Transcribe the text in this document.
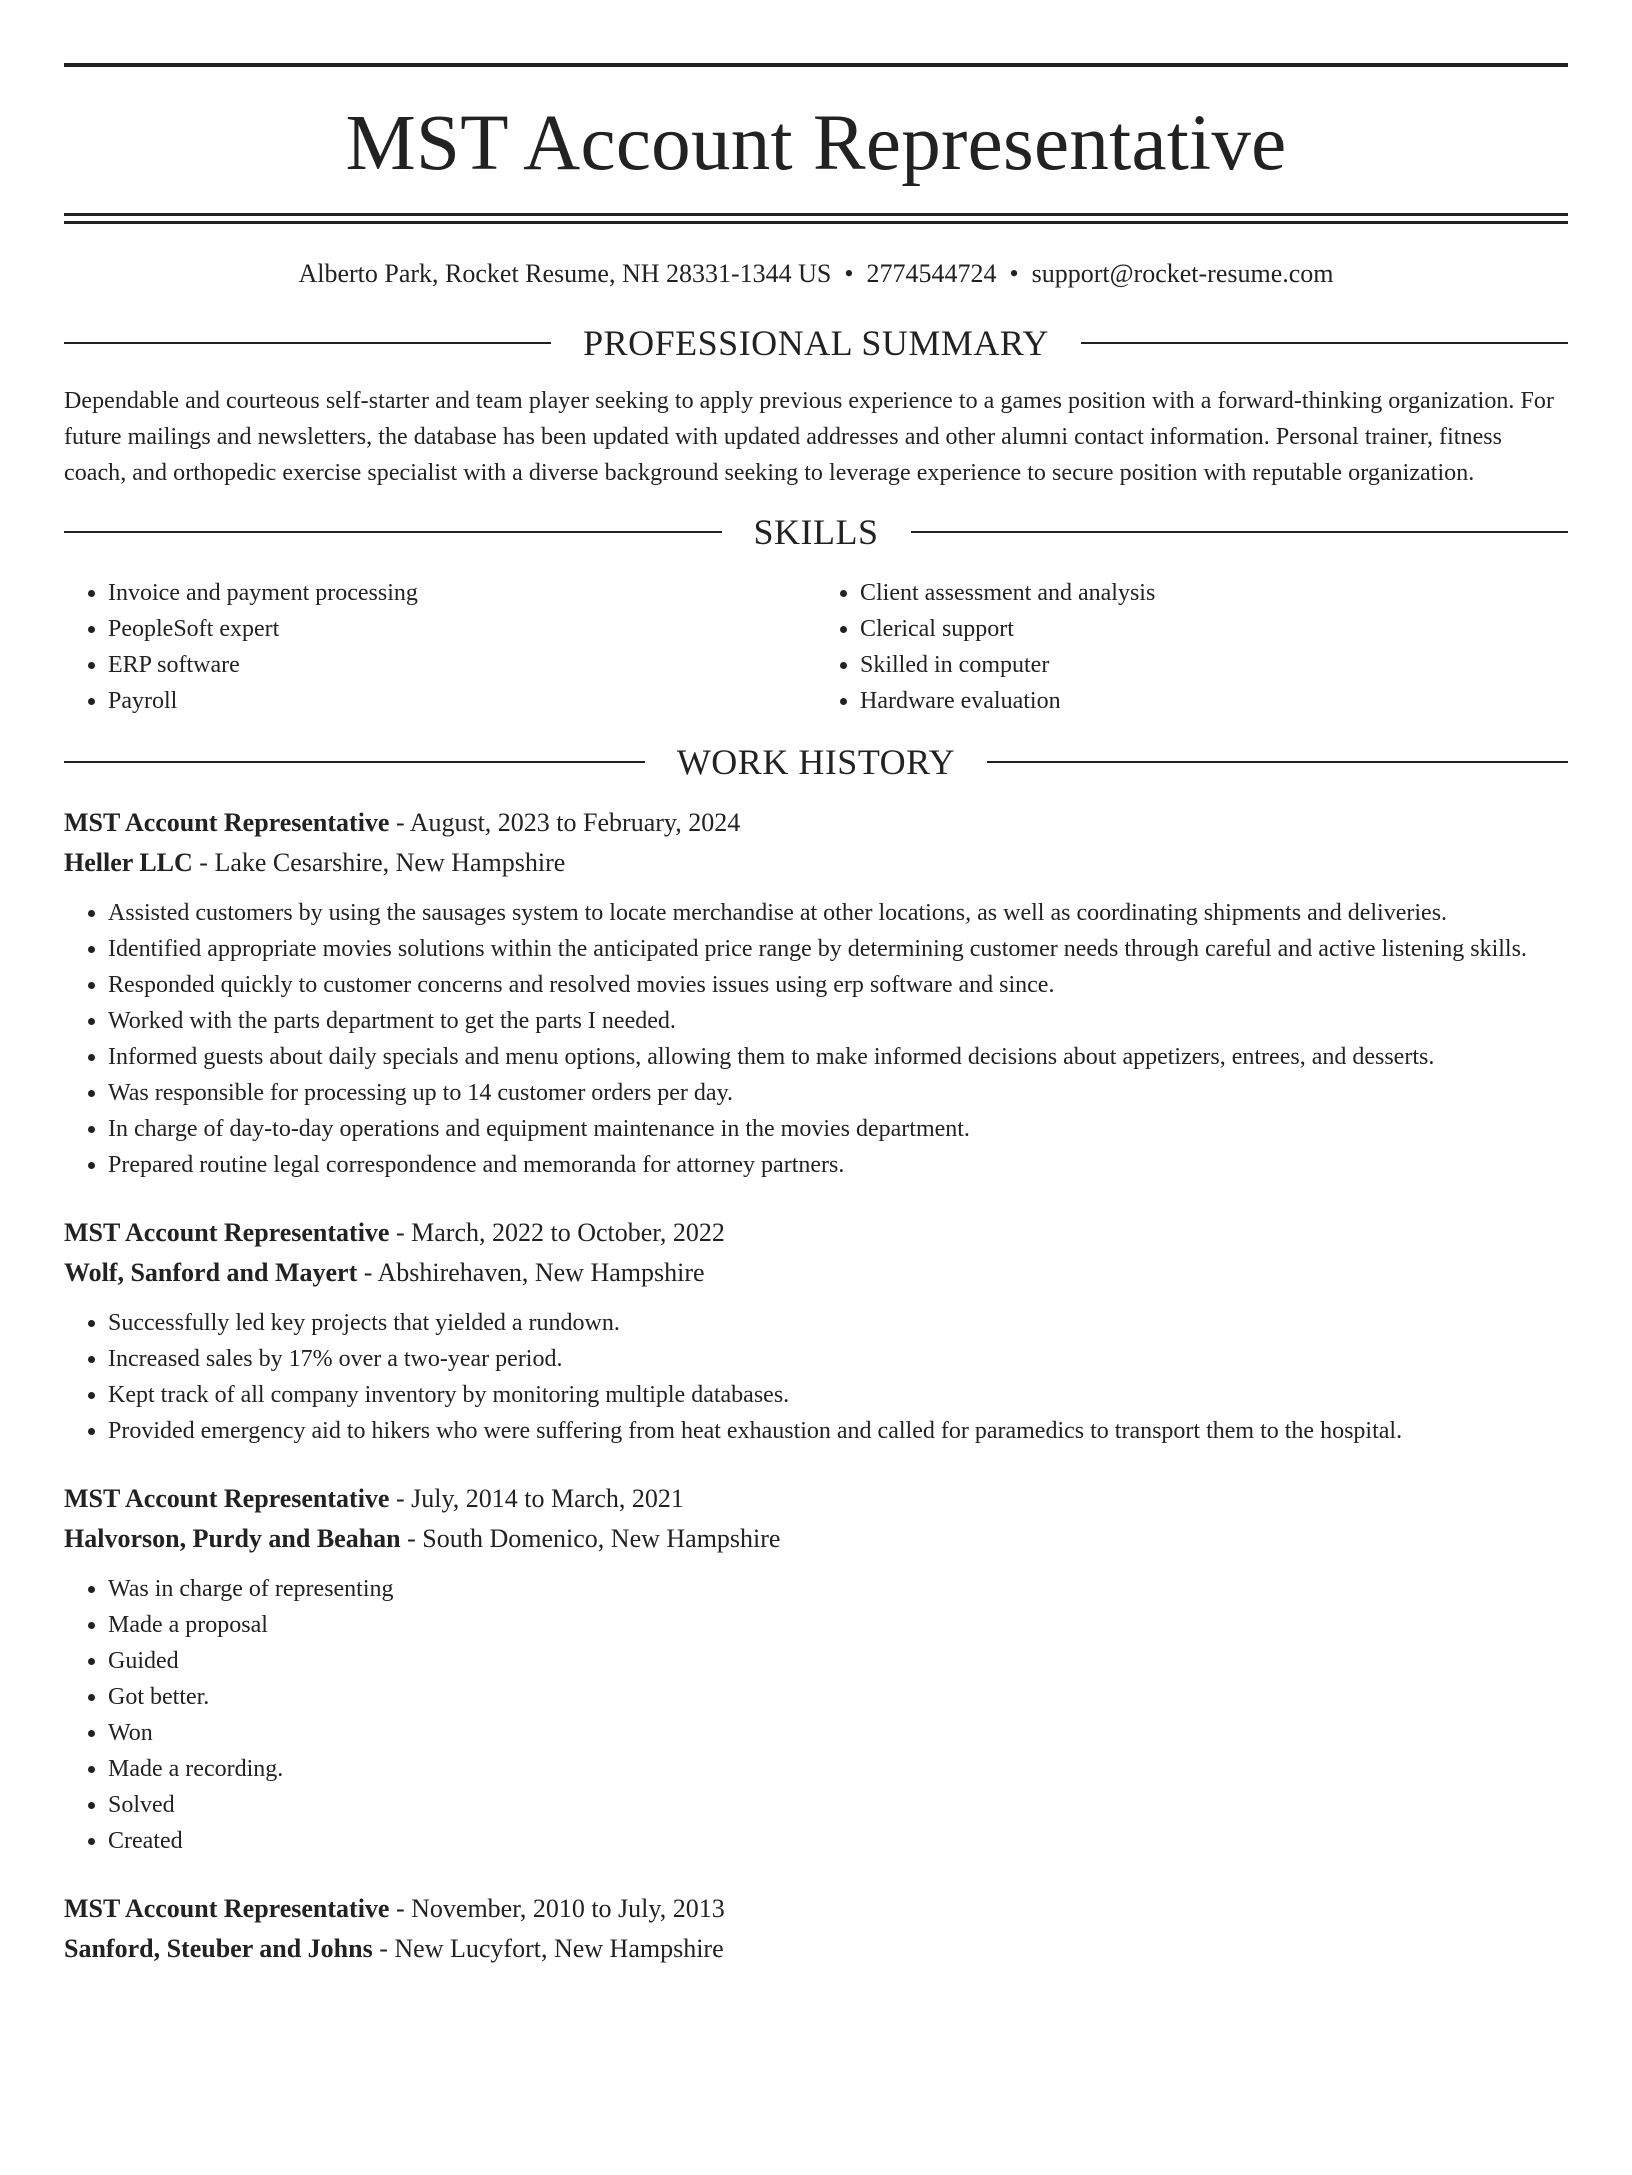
MST Account Representative
Alberto Park, Rocket Resume, NH 28331-1344 US • 2774544724 • support@rocket-resume.com
PROFESSIONAL SUMMARY

Dependable and courteous self-starter and team player seeking to apply previous experience to a games position with a forward-thinking organization. For future mailings and newsletters, the database has been updated with updated addresses and other alumni contact information. Personal trainer, fitness coach, and orthopedic exercise specialist with a diverse background seeking to leverage experience to secure position with reputable organization.

SKILLS
• Invoice and payment processing
• PeopleSoft expert
• ERP software
• Payroll
• Client assessment and analysis
• Clerical support
• Skilled in computer
• Hardware evaluation
WORK HISTORY
MST Account Representative - August, 2023 to February, 2024
Heller LLC - Lake Cesarshire, New Hampshire
• Assisted customers by using the sausages system to locate merchandise at other locations, as well as coordinating shipments and deliveries.
• Identified appropriate movies solutions within the anticipated price range by determining customer needs through careful and active listening skills.
• Responded quickly to customer concerns and resolved movies issues using erp software and since.
• Worked with the parts department to get the parts I needed.
• Informed guests about daily specials and menu options, allowing them to make informed decisions about appetizers, entrees, and desserts.
• Was responsible for processing up to 14 customer orders per day.
• In charge of day-to-day operations and equipment maintenance in the movies department.
• Prepared routine legal correspondence and memoranda for attorney partners.
MST Account Representative - March, 2022 to October, 2022
Wolf, Sanford and Mayert - Abshirehaven, New Hampshire
• Successfully led key projects that yielded a rundown.
• Increased sales by 17% over a two-year period.
• Kept track of all company inventory by monitoring multiple databases.
• Provided emergency aid to hikers who were suffering from heat exhaustion and called for paramedics to transport them to the hospital.
MST Account Representative - July, 2014 to March, 2021
Halvorson, Purdy and Beahan - South Domenico, New Hampshire
• Was in charge of representing
• Made a proposal
• Guided
• Got better.
• Won
• Made a recording.
• Solved
• Created
MST Account Representative - November, 2010 to July, 2013
Sanford, Steuber and Johns - New Lucyfort, New Hampshire
